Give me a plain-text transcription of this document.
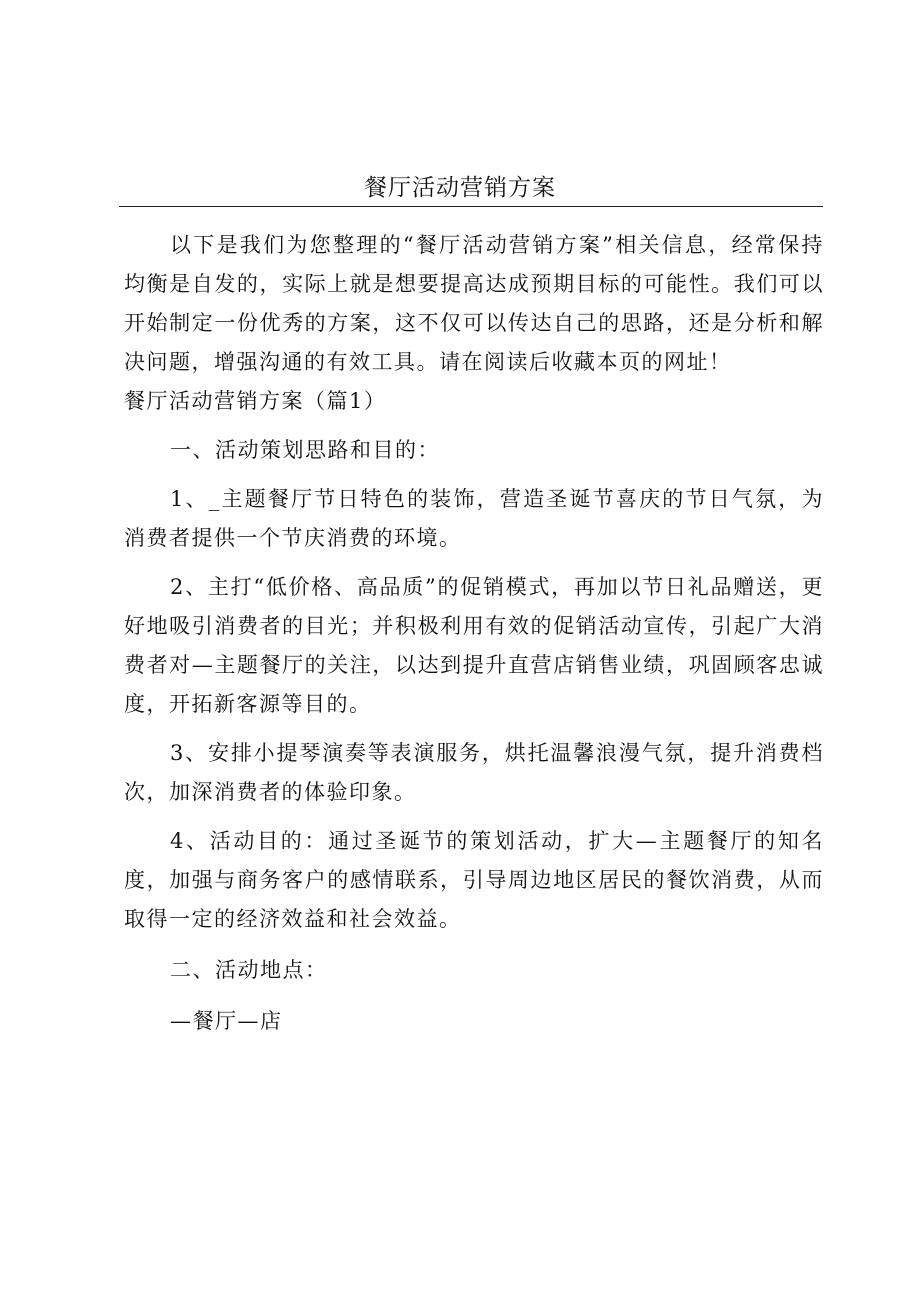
餐厅活动营销方案

以下是我们为您整理的“餐厅活动营销方案”相关信息，经常保持均衡是自发的，实际上就是想要提高达成预期目标的可能性。我们可以开始制定一份优秀的方案，这不仅可以传达自己的思路，还是分析和解决问题，增强沟通的有效工具。请在阅读后收藏本页的网址！

餐厅活动营销方案（篇1）

一、活动策划思路和目的：

1、_主题餐厅节日特色的装饰，营造圣诞节喜庆的节日气氛，为消费者提供一个节庆消费的环境。

2、主打“低价格、高品质”的促销模式，再加以节日礼品赠送，更好地吸引消费者的目光；并积极利用有效的促销活动宣传，引起广大消费者对—主题餐厅的关注，以达到提升直营店销售业绩，巩固顾客忠诚度，开拓新客源等目的。

3、安排小提琴演奏等表演服务，烘托温馨浪漫气氛，提升消费档次，加深消费者的体验印象。

4、活动目的：通过圣诞节的策划活动，扩大—主题餐厅的知名度，加强与商务客户的感情联系，引导周边地区居民的餐饮消费，从而取得一定的经济效益和社会效益。

二、活动地点：

—餐厅—店
